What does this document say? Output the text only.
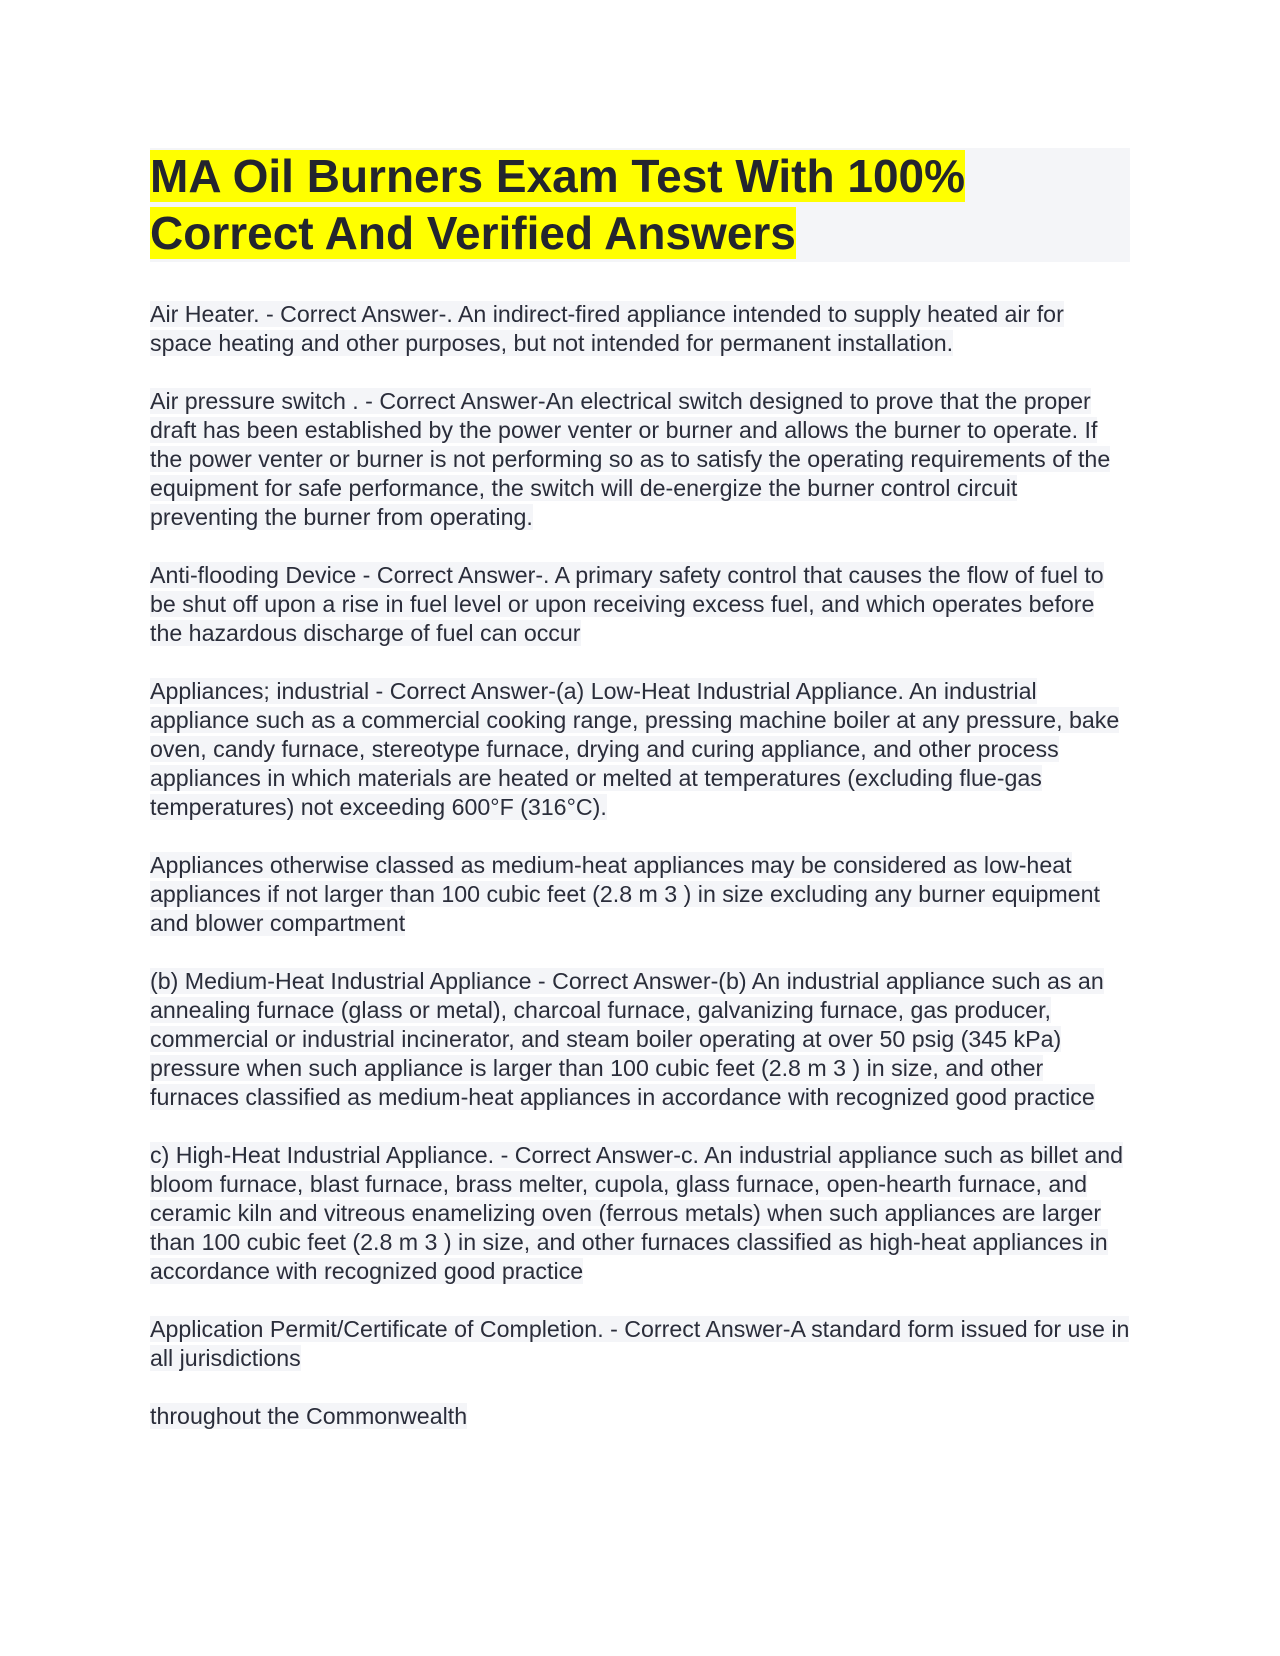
MA Oil Burners Exam Test With 100%
Correct And Verified Answers

Air Heater. - Correct Answer-. An indirect-fired appliance intended to supply heated air for space heating and other purposes, but not intended for permanent installation.

Air pressure switch . - Correct Answer-An electrical switch designed to prove that the proper draft has been established by the power venter or burner and allows the burner to operate. If the power venter or burner is not performing so as to satisfy the operating requirements of the equipment for safe performance, the switch will de-energize the burner control circuit preventing the burner from operating.

Anti-flooding Device - Correct Answer-. A primary safety control that causes the flow of fuel to be shut off upon a rise in fuel level or upon receiving excess fuel, and which operates before the hazardous discharge of fuel can occur

Appliances; industrial - Correct Answer-(a) Low-Heat Industrial Appliance. An industrial appliance such as a commercial cooking range, pressing machine boiler at any pressure, bake oven, candy furnace, stereotype furnace, drying and curing appliance, and other process appliances in which materials are heated or melted at temperatures (excluding flue-gas temperatures) not exceeding 600°F (316°C).

Appliances otherwise classed as medium-heat appliances may be considered as low-heat appliances if not larger than 100 cubic feet (2.8 m 3 ) in size excluding any burner equipment and blower compartment

(b) Medium-Heat Industrial Appliance - Correct Answer-(b) An industrial appliance such as an annealing furnace (glass or metal), charcoal furnace, galvanizing furnace, gas producer, commercial or industrial incinerator, and steam boiler operating at over 50 psig (345 kPa) pressure when such appliance is larger than 100 cubic feet (2.8 m 3 ) in size, and other furnaces classified as medium-heat appliances in accordance with recognized good practice

c) High-Heat Industrial Appliance. - Correct Answer-c. An industrial appliance such as billet and bloom furnace, blast furnace, brass melter, cupola, glass furnace, open-hearth furnace, and ceramic kiln and vitreous enamelizing oven (ferrous metals) when such appliances are larger than 100 cubic feet (2.8 m 3 ) in size, and other furnaces classified as high-heat appliances in accordance with recognized good practice

Application Permit/Certificate of Completion. - Correct Answer-A standard form issued for use in all jurisdictions

throughout the Commonwealth
